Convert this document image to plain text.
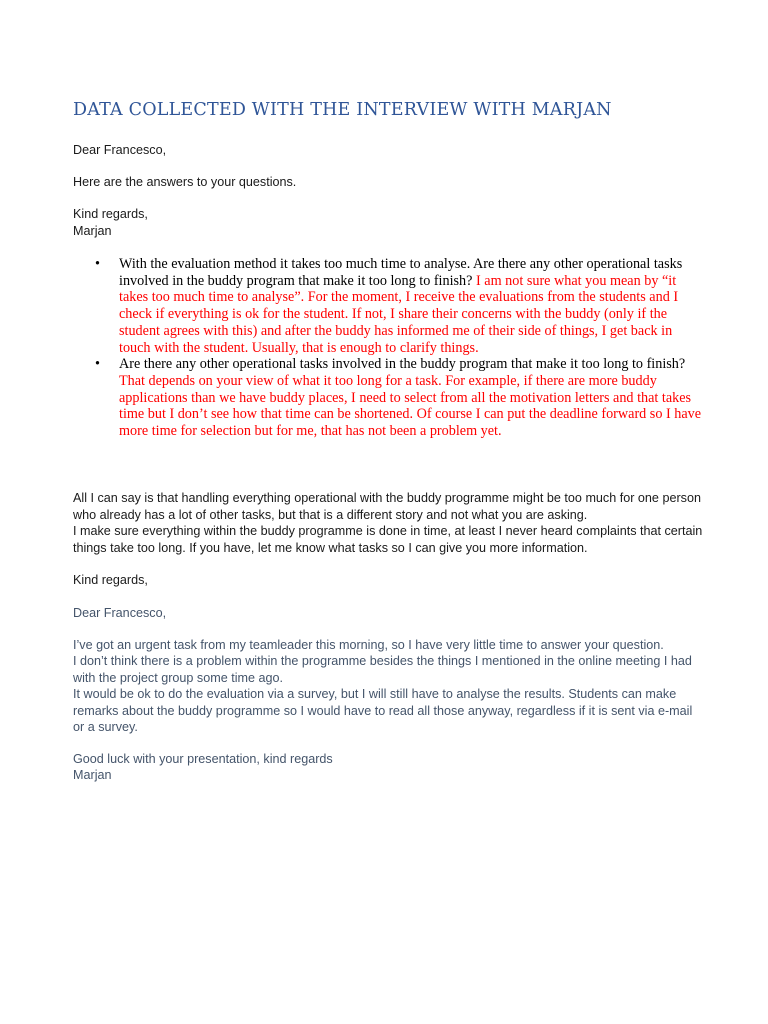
DATA COLLECTED WITH THE INTERVIEW WITH MARJAN

Dear Francesco,

Here are the answers to your questions.

Kind regards,

Marjan

• With the evaluation method it takes too much time to analyse. Are there any other operational tasks involved in the buddy program that make it too long to finish? I am not sure what you mean by “it takes too much time to analyse”. For the moment, I receive the evaluations from the students and I check if everything is ok for the student. If not, I share their concerns with the buddy (only if the student agrees with this) and after the buddy has informed me of their side of things, I get back in touch with the student. Usually, that is enough to clarify things.
• Are there any other operational tasks involved in the buddy program that make it too long to finish? That depends on your view of what it too long for a task. For example, if there are more buddy applications than we have buddy places, I need to select from all the motivation letters and that takes time but I don’t see how that time can be shortened. Of course I can put the deadline forward so I have more time for selection but for me, that has not been a problem yet.

All I can say is that handling everything operational with the buddy programme might be too much for one person who already has a lot of other tasks, but that is a different story and not what you are asking.

I make sure everything within the buddy programme is done in time, at least I never heard complaints that certain things take too long. If you have, let me know what tasks so I can give you more information.

Kind regards,

Dear Francesco,

I’ve got an urgent task from my teamleader this morning, so I have very little time to answer your question.

I don’t think there is a problem within the programme besides the things I mentioned in the online meeting I had with the project group some time ago.

It would be ok to do the evaluation via a survey, but I will still have to analyse the results. Students can make remarks about the buddy programme so I would have to read all those anyway, regardless if it is sent via e-mail or a survey.

Good luck with your presentation, kind regards

Marjan
